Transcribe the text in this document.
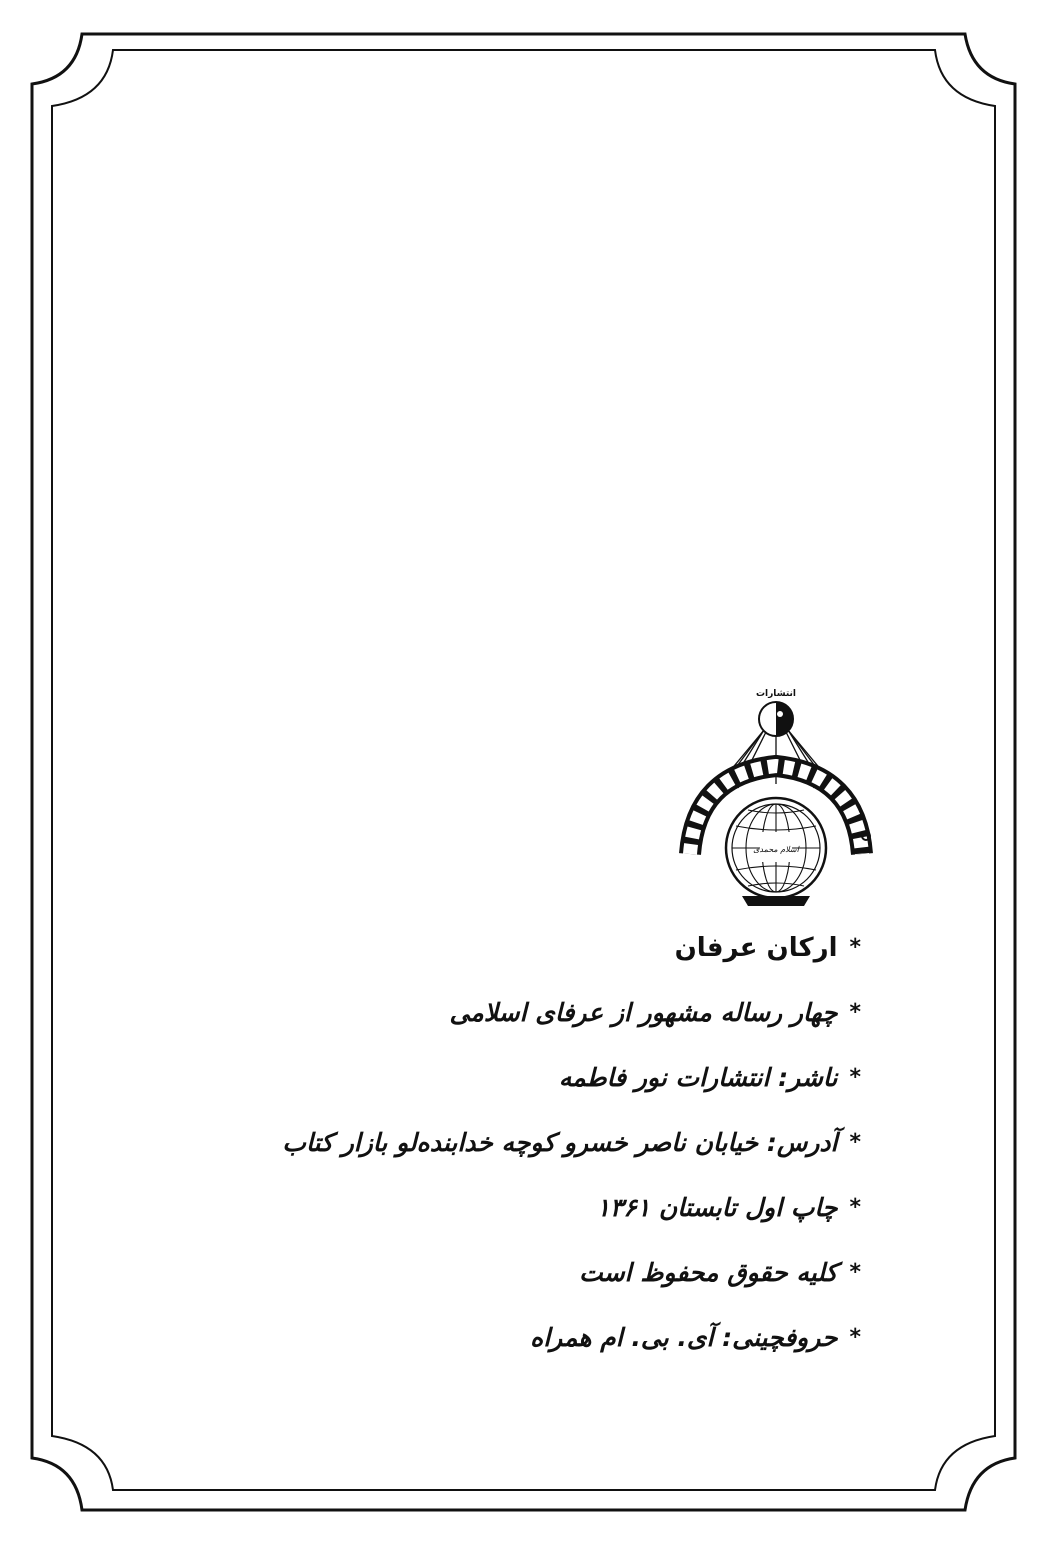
انتشارات
اسلام محمدی
*
ارکان عرفان
*
چهار رساله مشهور از عرفای اسلامی
*
ناشر: انتشارات نور فاطمه
*
آدرس: خیابان ناصر خسرو کوچه خدابنده‌لو بازار کتاب
*
چاپ اول تابستان ۱۳۶۱
*
کلیه حقوق محفوظ است
*
حروفچینی: آی. بی. ام همراه
